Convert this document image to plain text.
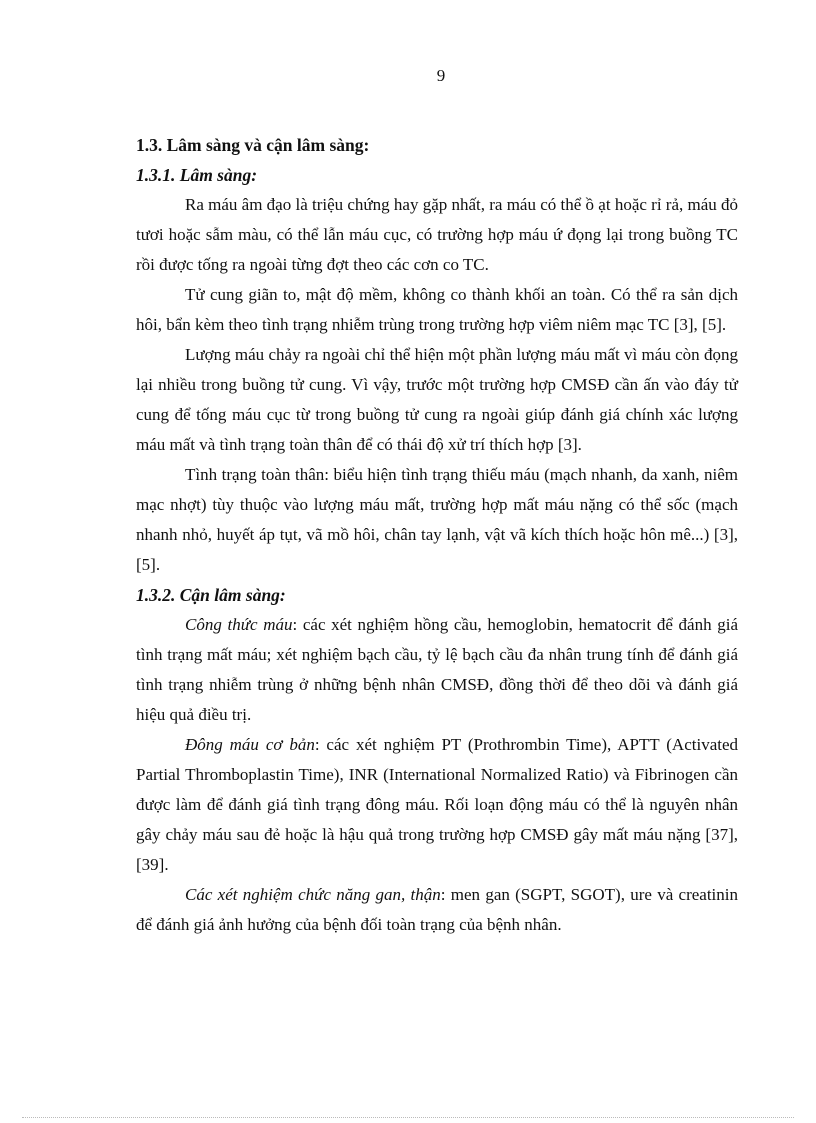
9

1.3. Lâm sàng và cận lâm sàng:

1.3.1. Lâm sàng:

Ra máu âm đạo là triệu chứng hay gặp nhất, ra máu có thể ồ ạt hoặc rỉ rả, máu đỏ tươi hoặc sẫm màu, có thể lẫn máu cục, có trường hợp máu ứ đọng lại trong buồng TC rồi được tống ra ngoài từng đợt theo các cơn co TC.

Tử cung giãn to, mật độ mềm, không co thành khối an toàn. Có thể ra sản dịch hôi, bẩn kèm theo tình trạng nhiễm trùng trong trường hợp viêm niêm mạc TC [3], [5].

Lượng máu chảy ra ngoài chỉ thể hiện một phần lượng máu mất vì máu còn đọng lại nhiều trong buồng tử cung. Vì vậy, trước một trường hợp CMSĐ cần ấn vào đáy tử cung để tống máu cục từ trong buồng tử cung ra ngoài giúp đánh giá chính xác lượng máu mất và tình trạng toàn thân để có thái độ xử trí thích hợp [3].

Tình trạng toàn thân: biểu hiện tình trạng thiếu máu (mạch nhanh, da xanh, niêm mạc nhợt) tùy thuộc vào lượng máu mất, trường hợp mất máu nặng có thể sốc (mạch nhanh nhỏ, huyết áp tụt, vã mồ hôi, chân tay lạnh, vật vã kích thích hoặc hôn mê...) [3], [5].

1.3.2. Cận lâm sàng:

Công thức máu: các xét nghiệm hồng cầu, hemoglobin, hematocrit để đánh giá tình trạng mất máu; xét nghiệm bạch cầu, tỷ lệ bạch cầu đa nhân trung tính để đánh giá tình trạng nhiễm trùng ở những bệnh nhân CMSĐ, đồng thời để theo dõi và đánh giá hiệu quả điều trị.

Đông máu cơ bản: các xét nghiệm PT (Prothrombin Time), APTT (Activated Partial Thromboplastin Time), INR (International Normalized Ratio) và Fibrinogen cần được làm để đánh giá tình trạng đông máu. Rối loạn động máu có thể là nguyên nhân gây chảy máu sau đẻ hoặc là hậu quả trong trường hợp CMSĐ gây mất máu nặng [37], [39].

Các xét nghiệm chức năng gan, thận: men gan (SGPT, SGOT), ure và creatinin để đánh giá ảnh hưởng của bệnh đối toàn trạng của bệnh nhân.
